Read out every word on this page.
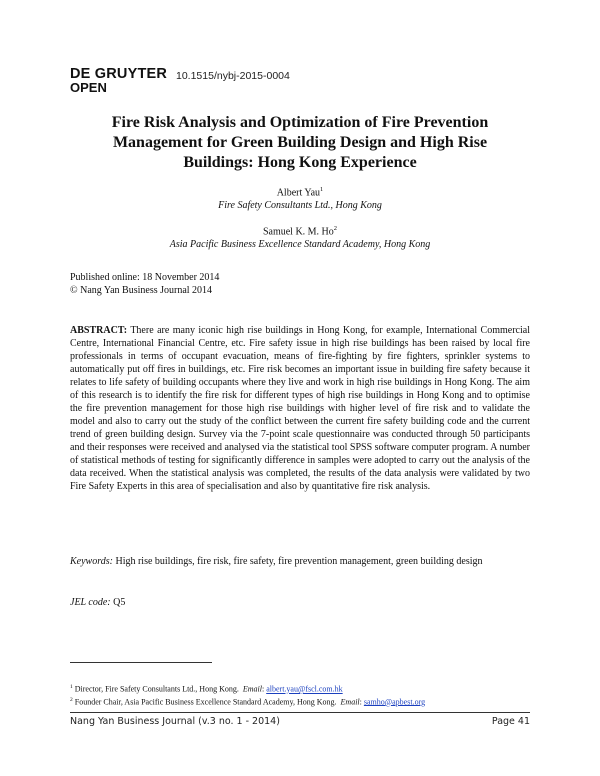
DE GRUYTER
OPEN
10.1515/nybj-2015-0004
Fire Risk Analysis and Optimization of Fire Prevention Management for Green Building Design and High Rise Buildings: Hong Kong Experience
Albert Yau$^1$
Fire Safety Consultants Ltd., Hong Kong
Samuel K. M. Ho$^2$
Asia Pacific Business Excellence Standard Academy, Hong Kong
Published online: 18 November 2014
© Nang Yan Business Journal 2014
ABSTRACT: There are many iconic high rise buildings in Hong Kong, for example, International Commercial Centre, International Financial Centre, etc. Fire safety issue in high rise buildings has been raised by local fire professionals in terms of occupant evacuation, means of fire-fighting by fire fighters, sprinkler systems to automatically put off fires in buildings, etc. Fire risk becomes an important issue in building fire safety because it relates to life safety of building occupants where they live and work in high rise buildings in Hong Kong. The aim of this research is to identify the fire risk for different types of high rise buildings in Hong Kong and to optimise the fire prevention management for those high rise buildings with higher level of fire risk and to validate the model and also to carry out the study of the conflict between the current fire safety building code and the current trend of green building design. Survey via the 7-point scale questionnaire was conducted through 50 participants and their responses were received and analysed via the statistical tool SPSS software computer program. A number of statistical methods of testing for significantly difference in samples were adopted to carry out the analysis of the data received. When the statistical analysis was completed, the results of the data analysis were validated by two Fire Safety Experts in this area of specialisation and also by quantitative fire risk analysis.
Keywords: High rise buildings, fire risk, fire safety, fire prevention management, green building design
JEL code: Q5
$^1$ Director, Fire Safety Consultants Ltd., Hong Kong. Email: albert.yau@fscl.com.hk
$^2$ Founder Chair, Asia Pacific Business Excellence Standard Academy, Hong Kong. Email: samho@apbest.org
Nang Yan Business Journal (v.3 no. 1 - 2014)	Page 41
